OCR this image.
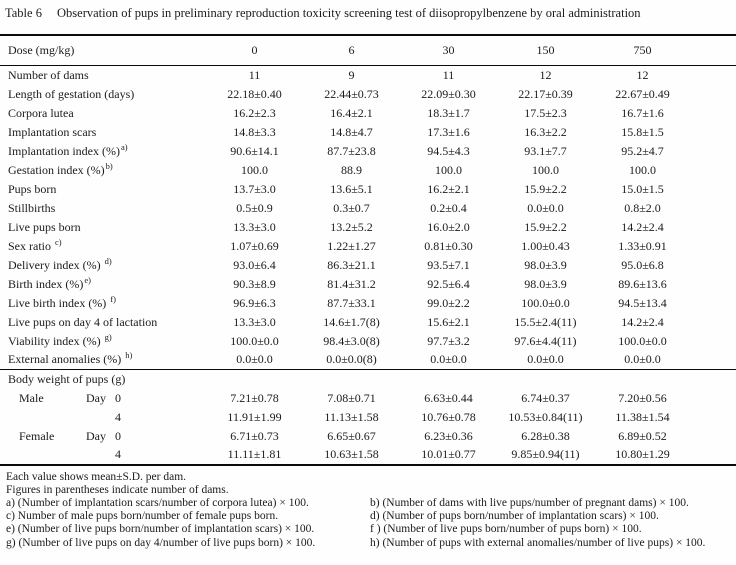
Table 6	Observation of pups in preliminary reproduction toxicity screening test of diisopropylbenzene by oral administration
Dose (mg/kg)	0	6	30	150	750	
Number of dams	11	9	11	12	12	
Length of gestation (days)	22.18±0.40	22.44±0.73	22.09±0.30	22.17±0.39	22.67±0.49	
Corpora lutea	16.2±2.3	16.4±2.1	18.3±1.7	17.5±2.3	16.7±1.6	
Implantation scars	14.8±3.3	14.8±4.7	17.3±1.6	16.3±2.2	15.8±1.5	
Implantation index (%)$^{a)}$	90.6±14.1	87.7±23.8	94.5±4.3	93.1±7.7	95.2±4.7	
Gestation index (%)$^{b)}$	100.0	88.9	100.0	100.0	100.0	
Pups born	13.7±3.0	13.6±5.1	16.2±2.1	15.9±2.2	15.0±1.5	
Stillbirths	0.5±0.9	0.3±0.7	0.2±0.4	0.0±0.0	0.8±2.0	
Live pups born	13.3±3.0	13.2±5.2	16.0±2.0	15.9±2.2	14.2±2.4	
Sex ratio $^{c)}$	1.07±0.69	1.22±1.27	0.81±0.30	1.00±0.43	1.33±0.91	
Delivery index (%) $^{d)}$	93.0±6.4	86.3±21.1	93.5±7.1	98.0±3.9	95.0±6.8	
Birth index (%)$^{e)}$	90.3±8.9	81.4±31.2	92.5±6.4	98.0±3.9	89.6±13.6	
Live birth index (%) $^{f)}$	96.9±6.3	87.7±33.1	99.0±2.2	100.0±0.0	94.5±13.4	
Live pups on day 4 of lactation	13.3±3.0	14.6±1.7(8)	15.6±2.1	15.5±2.4(11)	14.2±2.4	
Viability index (%) $^{g)}$	100.0±0.0	98.4±3.0(8)	97.7±3.2	97.6±4.4(11)	100.0±0.0	
External anomalies (%) $^{h)}$	0.0±0.0	0.0±0.0(8)	0.0±0.0	0.0±0.0	0.0±0.0	
Body weight of pups (g)						
Male Day 0	7.21±0.78	7.08±0.71	6.63±0.44	6.74±0.37	7.20±0.56	
4	11.91±1.99	11.13±1.58	10.76±0.78	10.53±0.84(11)	11.38±1.54	
Female Day 0	6.71±0.73	6.65±0.67	6.23±0.36	6.28±0.38	6.89±0.52	
4	11.11±1.81	10.63±1.58	10.01±0.77	9.85±0.94(11)	10.80±1.29	
Each value shows mean±S.D. per dam.
Figures in parentheses indicate number of dams.
a) (Number of implantation scars/number of corpora lutea) × 100.	b) (Number of dams with live pups/number of pregnant dams) × 100.
c) Number of male pups born/number of female pups born.	d) (Number of pups born/number of implantation scars) × 100.
e) (Number of live pups born/number of implantation scars) × 100.	f ) (Number of live pups born/number of pups born) × 100.
g) (Number of live pups on day 4/number of live pups born) × 100.	h) (Number of pups with external anomalies/number of live pups) × 100.
